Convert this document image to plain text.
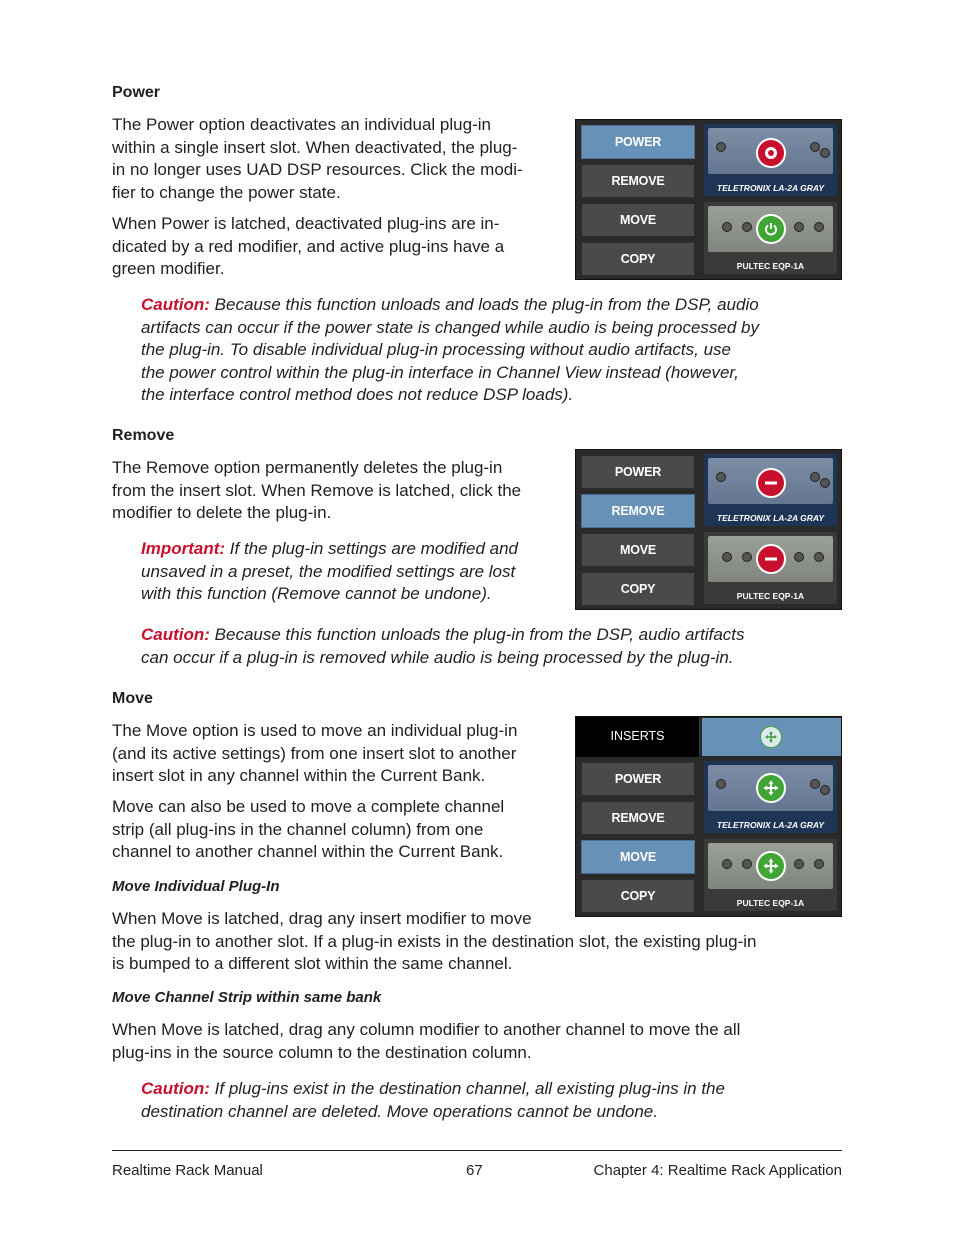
Power
The Power option deactivates an individual plug-in
within a single insert slot. When deactivated, the plug-
in no longer uses UAD DSP resources. Click the modi-
fier to change the power state.
When Power is latched, deactivated plug-ins are in-
dicated by a red modifier, and active plug-ins have a
green modifier.
Caution: Because this function unloads and loads the plug-in from the DSP, audio
artifacts can occur if the power state is changed while audio is being processed by
the plug-in. To disable individual plug-in processing without audio artifacts, use
the power control within the plug-in interface in Channel View instead (however,
the interface control method does not reduce DSP loads).
POWER
REMOVE
MOVE
COPY
TELETRONIX LA-2A GRAY
PULTEC EQP-1A
Remove
The Remove option permanently deletes the plug-in
from the insert slot. When Remove is latched, click the
modifier to delete the plug-in.
Important: If the plug-in settings are modified and
unsaved in a preset, the modified settings are lost
with this function (Remove cannot be undone).
Caution: Because this function unloads the plug-in from the DSP, audio artifacts
can occur if a plug-in is removed while audio is being processed by the plug-in.
POWER
REMOVE
MOVE
COPY
TELETRONIX LA-2A GRAY
PULTEC EQP-1A
Move
The Move option is used to move an individual plug-in
(and its active settings) from one insert slot to another
insert slot in any channel within the Current Bank.
Move can also be used to move a complete channel
strip (all plug-ins in the channel column) from one
channel to another channel within the Current Bank.
Move Individual Plug-In
When Move is latched, drag any insert modifier to move
the plug-in to another slot. If a plug-in exists in the destination slot, the existing plug-in
is bumped to a different slot within the same channel.
Move Channel Strip within same bank
When Move is latched, drag any column modifier to another channel to move the all
plug-ins in the source column to the destination column.
Caution: If plug-ins exist in the destination channel, all existing plug-ins in the
destination channel are deleted. Move operations cannot be undone.
INSERTS
POWER
REMOVE
MOVE
COPY
TELETRONIX LA-2A GRAY
PULTEC EQP-1A
Realtime Rack Manual	67	Chapter 4: Realtime Rack Application
